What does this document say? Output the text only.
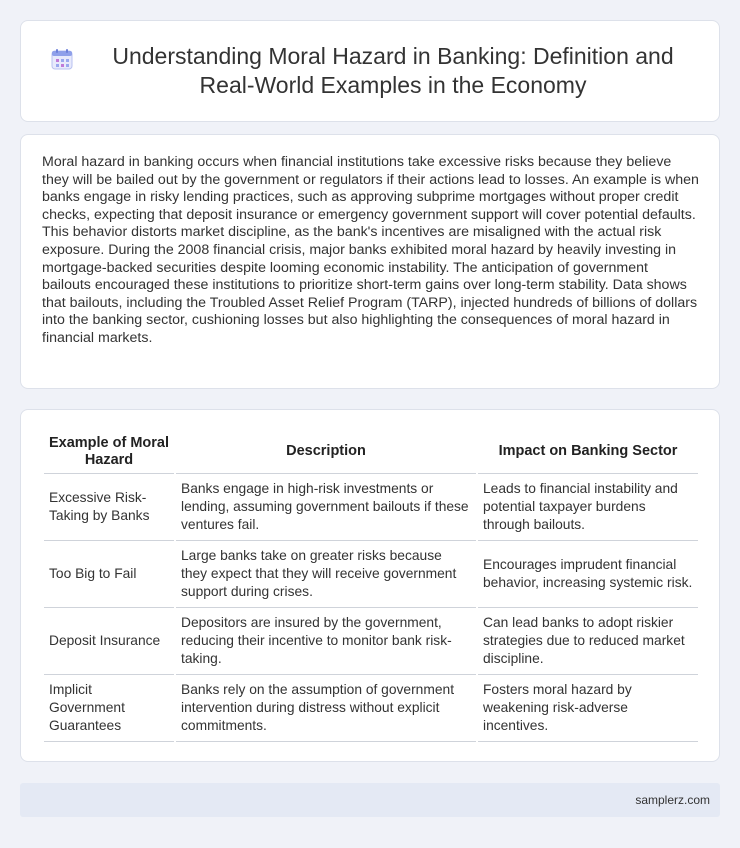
Understanding Moral Hazard in Banking: Definition and Real-World Examples in the Economy

Moral hazard in banking occurs when financial institutions take excessive risks because they believe they will be bailed out by the government or regulators if their actions lead to losses. An example is when banks engage in risky lending practices, such as approving subprime mortgages without proper credit checks, expecting that deposit insurance or emergency government support will cover potential defaults. This behavior distorts market discipline, as the bank's incentives are misaligned with the actual risk exposure. During the 2008 financial crisis, major banks exhibited moral hazard by heavily investing in mortgage-backed securities despite looming economic instability. The anticipation of government bailouts encouraged these institutions to prioritize short-term gains over long-term stability. Data shows that bailouts, including the Troubled Asset Relief Program (TARP), injected hundreds of billions of dollars into the banking sector, cushioning losses but also highlighting the consequences of moral hazard in financial markets.

Example of Moral Hazard	Description	Impact on Banking Sector
Excessive Risk-Taking by Banks	Banks engage in high-risk investments or lending, assuming government bailouts if these ventures fail.	Leads to financial instability and potential taxpayer burdens through bailouts.
Too Big to Fail	Large banks take on greater risks because they expect that they will receive government support during crises.	Encourages imprudent financial behavior, increasing systemic risk.
Deposit Insurance	Depositors are insured by the government, reducing their incentive to monitor bank risk-taking.	Can lead banks to adopt riskier strategies due to reduced market discipline.
Implicit Government Guarantees	Banks rely on the assumption of government intervention during distress without explicit commitments.	Fosters moral hazard by weakening risk-adverse incentives.
samplerz.com
